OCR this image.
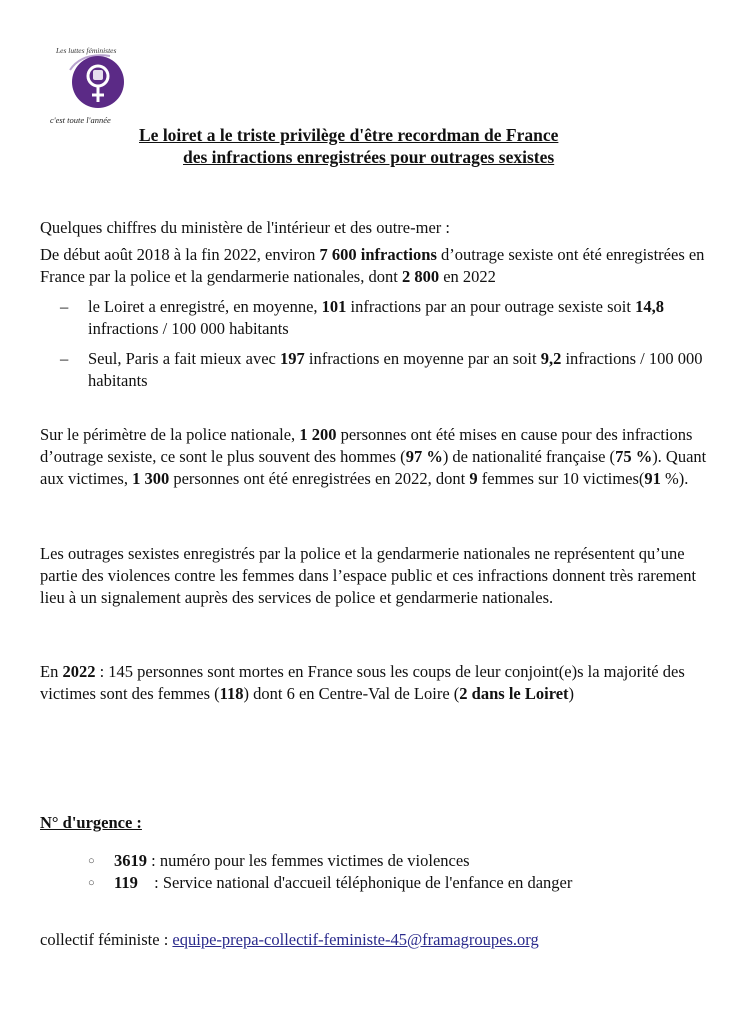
Les luttes féministes
c'est toute l'année
Le loiret a le triste privilège d'être recordman de France
des infractions enregistrées pour outrages sexistes
Quelques chiffres du ministère de l'intérieur et des outre-mer :
De début août 2018 à la fin 2022, environ 7 600 infractions d’outrage sexiste ont été enregistrées en France par la police et la gendarmerie nationales, dont 2 800 en 2022
– le Loiret a enregistré, en moyenne, 101 infractions par an pour outrage sexiste soit 14,8 infractions / 100 000 habitants
– Seul, Paris a fait mieux avec 197 infractions en moyenne par an soit 9,2 infractions / 100 000 habitants
Sur le périmètre de la police nationale, 1 200 personnes ont été mises en cause pour des infractions d’outrage sexiste, ce sont le plus souvent des hommes (97 %) de nationalité française (75 %). Quant aux victimes, 1 300 personnes ont été enregistrées en 2022, dont 9 femmes sur 10 victimes(91 %).
Les outrages sexistes enregistrés par la police et la gendarmerie nationales ne représentent qu’une partie des violences contre les femmes dans l’espace public et ces infractions donnent très rarement lieu à un signalement auprès des services de police et gendarmerie nationales.
En 2022 : 145 personnes sont mortes en France sous les coups de leur conjoint(e)s la majorité des victimes sont des femmes (118) dont 6 en Centre-Val de Loire (2 dans le Loiret)
N° d'urgence :
○ 3619 : numéro pour les femmes victimes de violences
○ 119 : Service national d'accueil téléphonique de l'enfance en danger
collectif féministe : equipe-prepa-collectif-feministe-45@framagroupes.org
